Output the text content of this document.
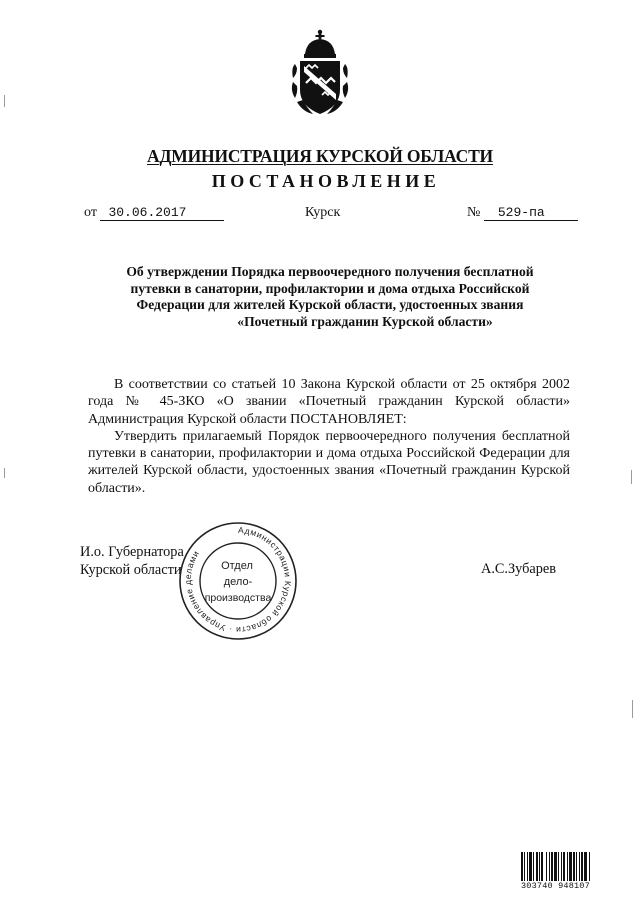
АДМИНИСТРАЦИЯ КУРСКОЙ ОБЛАСТИ
ПОСТАНОВЛЕНИЕ
от 30.06.2017	Курск	№ 529-па
Об утверждении Порядка первоочередного получения бесплатной
путевки в санатории, профилактории и дома отдыха Российской
Федерации для жителей Курской области, удостоенных звания
«Почетный гражданин Курской области»

В соответствии со статьей 10 Закона Курской области от 25 октября 2002 года № 45-ЗКО «О звании «Почетный гражданин Курской области» Администрация Курской области ПОСТАНОВЛЯЕТ:

Утвердить прилагаемый Порядок первоочередного получения бесплатной путевки в санатории, профилактории и дома отдыха Российской Федерации для жителей Курской области, удостоенных звания «Почетный гражданин Курской области».

И.о. Губернатора
Курской области	А.С.Зубарев
Администрации Курской области · Управление делами
Отдел
дело-
производства
303740 948107
